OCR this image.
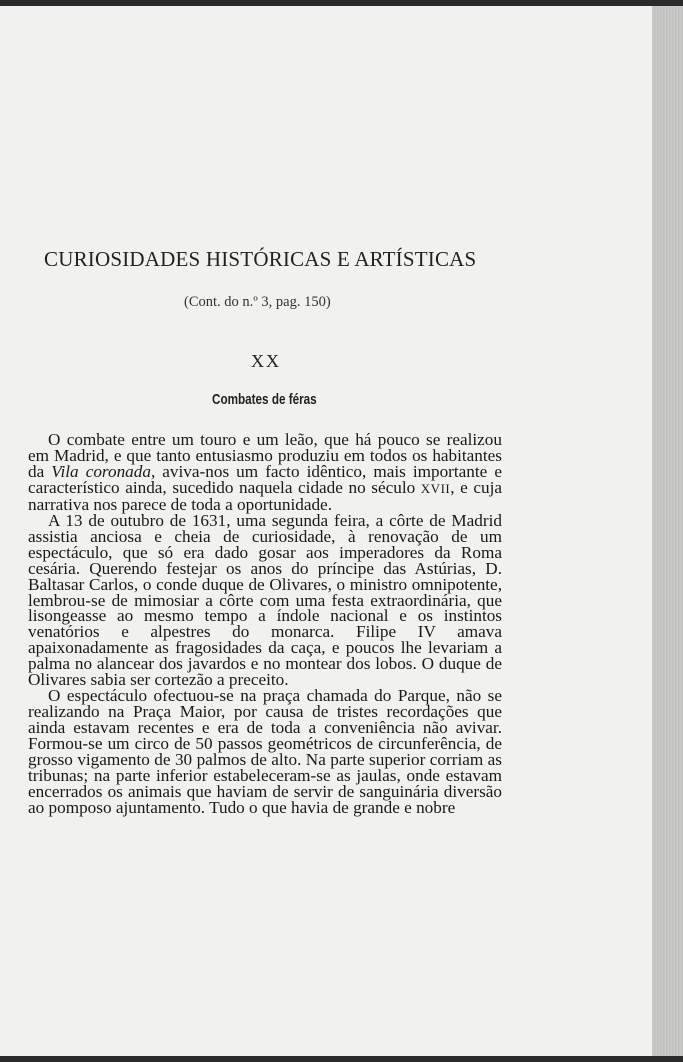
CURIOSIDADES HISTÓRICAS E ARTÍSTICAS
(Cont. do n.º 3, pag. 150)
XX
Combates de féras

O combate entre um touro e um leão, que há pouco se realizou em Madrid, e que tanto entusiasmo produziu em todos os habitantes da Vila coronada, aviva-nos um facto idêntico, mais importante e característico ainda, sucedido naquela cidade no século XVII, e cuja narrativa nos parece de toda a oportunidade.

A 13 de outubro de 1631, uma segunda feira, a côrte de Madrid assistia anciosa e cheia de curiosidade, à renovação de um espectáculo, que só era dado gosar aos imperadores da Roma cesária. Querendo festejar os anos do príncipe das Astúrias, D. Baltasar Carlos, o conde duque de Olivares, o ministro omnipotente, lembrou-se de mimosiar a côrte com uma festa extraordinária, que lisongeasse ao mesmo tempo a índole nacional e os instintos venatórios e alpestres do monarca. Filipe IV amava apaixonadamente as fragosidades da caça, e poucos lhe levariam a palma no alancear dos javardos e no montear dos lobos. O duque de Olivares sabia ser cortezão a preceito.

O espectáculo ofectuou-se na praça chamada do Parque, não se realizando na Praça Maior, por causa de tristes recordações que ainda estavam recentes e era de toda a conveniência não avivar. Formou-se um circo de 50 passos geométricos de circunferência, de grosso vigamento de 30 palmos de alto. Na parte superior corriam as tribunas; na parte inferior estabeleceram-se as jaulas, onde estavam encerrados os animais que haviam de servir de sanguinária diversão ao pomposo ajuntamento. Tudo o que havia de grande e nobre
